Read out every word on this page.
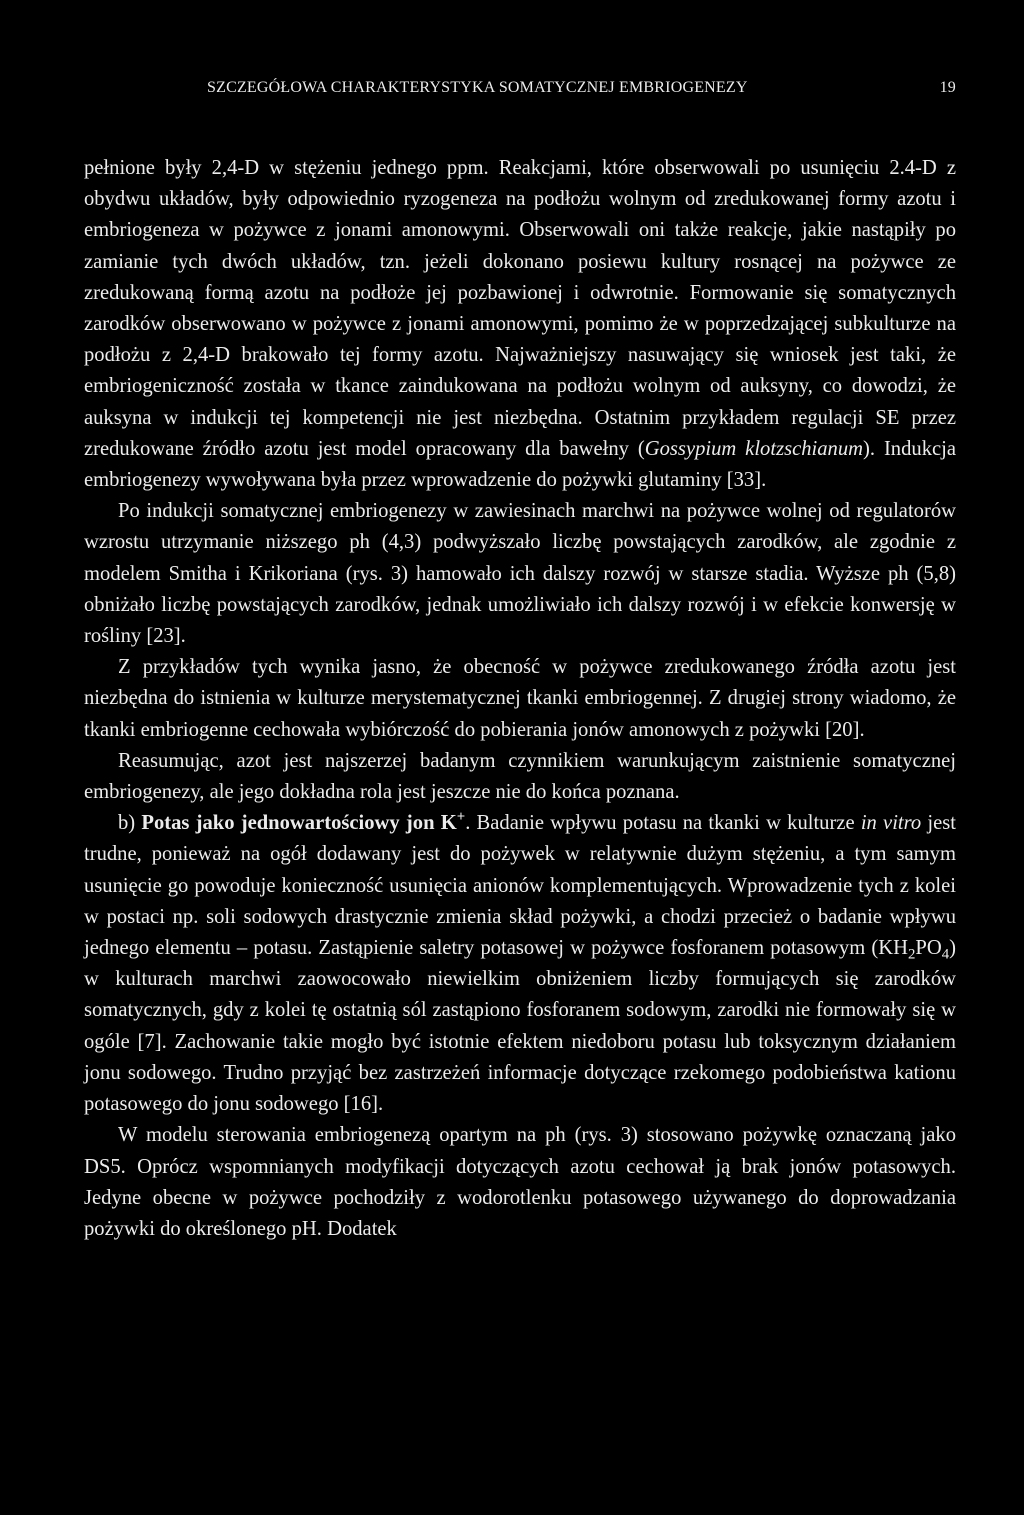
SZCZEGÓŁOWA CHARAKTERYSTYKA SOMATYCZNEJ EMBRIOGENEZY	19

pełnione były 2,4-D w stężeniu jednego ppm. Reakcjami, które obserwowali po usunięciu 2.4-D z obydwu układów, były odpowiednio ryzogeneza na podłożu wolnym od zredukowanej formy azotu i embriogeneza w pożywce z jonami amonowymi. Obserwowali oni także reakcje, jakie nastąpiły po zamianie tych dwóch układów, tzn. jeżeli dokonano posiewu kultury rosnącej na pożywce ze zredukowaną formą azotu na podłoże jej pozbawionej i odwrotnie. Formowanie się somatycznych zarodków obserwowano w pożywce z jonami amonowymi, pomimo że w poprzedzającej subkulturze na podłożu z 2,4-D brakowało tej formy azotu. Najważniejszy nasuwający się wniosek jest taki, że embriogeniczność została w tkance zaindukowana na podłożu wolnym od auksyny, co dowodzi, że auksyna w indukcji tej kompetencji nie jest niezbędna. Ostatnim przykładem regulacji SE przez zredukowane źródło azotu jest model opracowany dla bawełny (Gossypium klotzschianum). Indukcja embriogenezy wywoływana była przez wprowadzenie do pożywki glutaminy [33].

Po indukcji somatycznej embriogenezy w zawiesinach marchwi na pożywce wolnej od regulatorów wzrostu utrzymanie niższego ph (4,3) podwyższało liczbę powstających zarodków, ale zgodnie z modelem Smitha i Krikoriana (rys. 3) hamowało ich dalszy rozwój w starsze stadia. Wyższe ph (5,8) obniżało liczbę powstających zarodków, jednak umożliwiało ich dalszy rozwój i w efekcie konwersję w rośliny [23].

Z przykładów tych wynika jasno, że obecność w pożywce zredukowanego źródła azotu jest niezbędna do istnienia w kulturze merystematycznej tkanki embriogennej. Z drugiej strony wiadomo, że tkanki embriogenne cechowała wybiórczość do pobierania jonów amonowych z pożywki [20].

Reasumując, azot jest najszerzej badanym czynnikiem warunkującym zaistnienie somatycznej embriogenezy, ale jego dokładna rola jest jeszcze nie do końca poznana.

b) Potas jako jednowartościowy jon K+. Badanie wpływu potasu na tkanki w kulturze in vitro jest trudne, ponieważ na ogół dodawany jest do pożywek w relatywnie dużym stężeniu, a tym samym usunięcie go powoduje konieczność usunięcia anionów komplementujących. Wprowadzenie tych z kolei w postaci np. soli sodowych drastycznie zmienia skład pożywki, a chodzi przecież o badanie wpływu jednego elementu – potasu. Zastąpienie saletry potasowej w pożywce fosforanem potasowym $(KH_2PO_4)$ w kulturach marchwi zaowocowało niewielkim obniżeniem liczby formujących się zarodków somatycznych, gdy z kolei tę ostatnią sól zastąpiono fosforanem sodowym, zarodki nie formowały się w ogóle [7]. Zachowanie takie mogło być istotnie efektem niedoboru potasu lub toksycznym działaniem jonu sodowego. Trudno przyjąć bez zastrzeżeń informacje dotyczące rzekomego podobieństwa kationu potasowego do jonu sodowego [16].

W modelu sterowania embriogenezą opartym na ph (rys. 3) stosowano pożywkę oznaczaną jako DS5. Oprócz wspomnianych modyfikacji dotyczących azotu cechował ją brak jonów potasowych. Jedyne obecne w pożywce pochodziły z wodorotlenku potasowego używanego do doprowadzania pożywki do określonego pH. Dodatek
